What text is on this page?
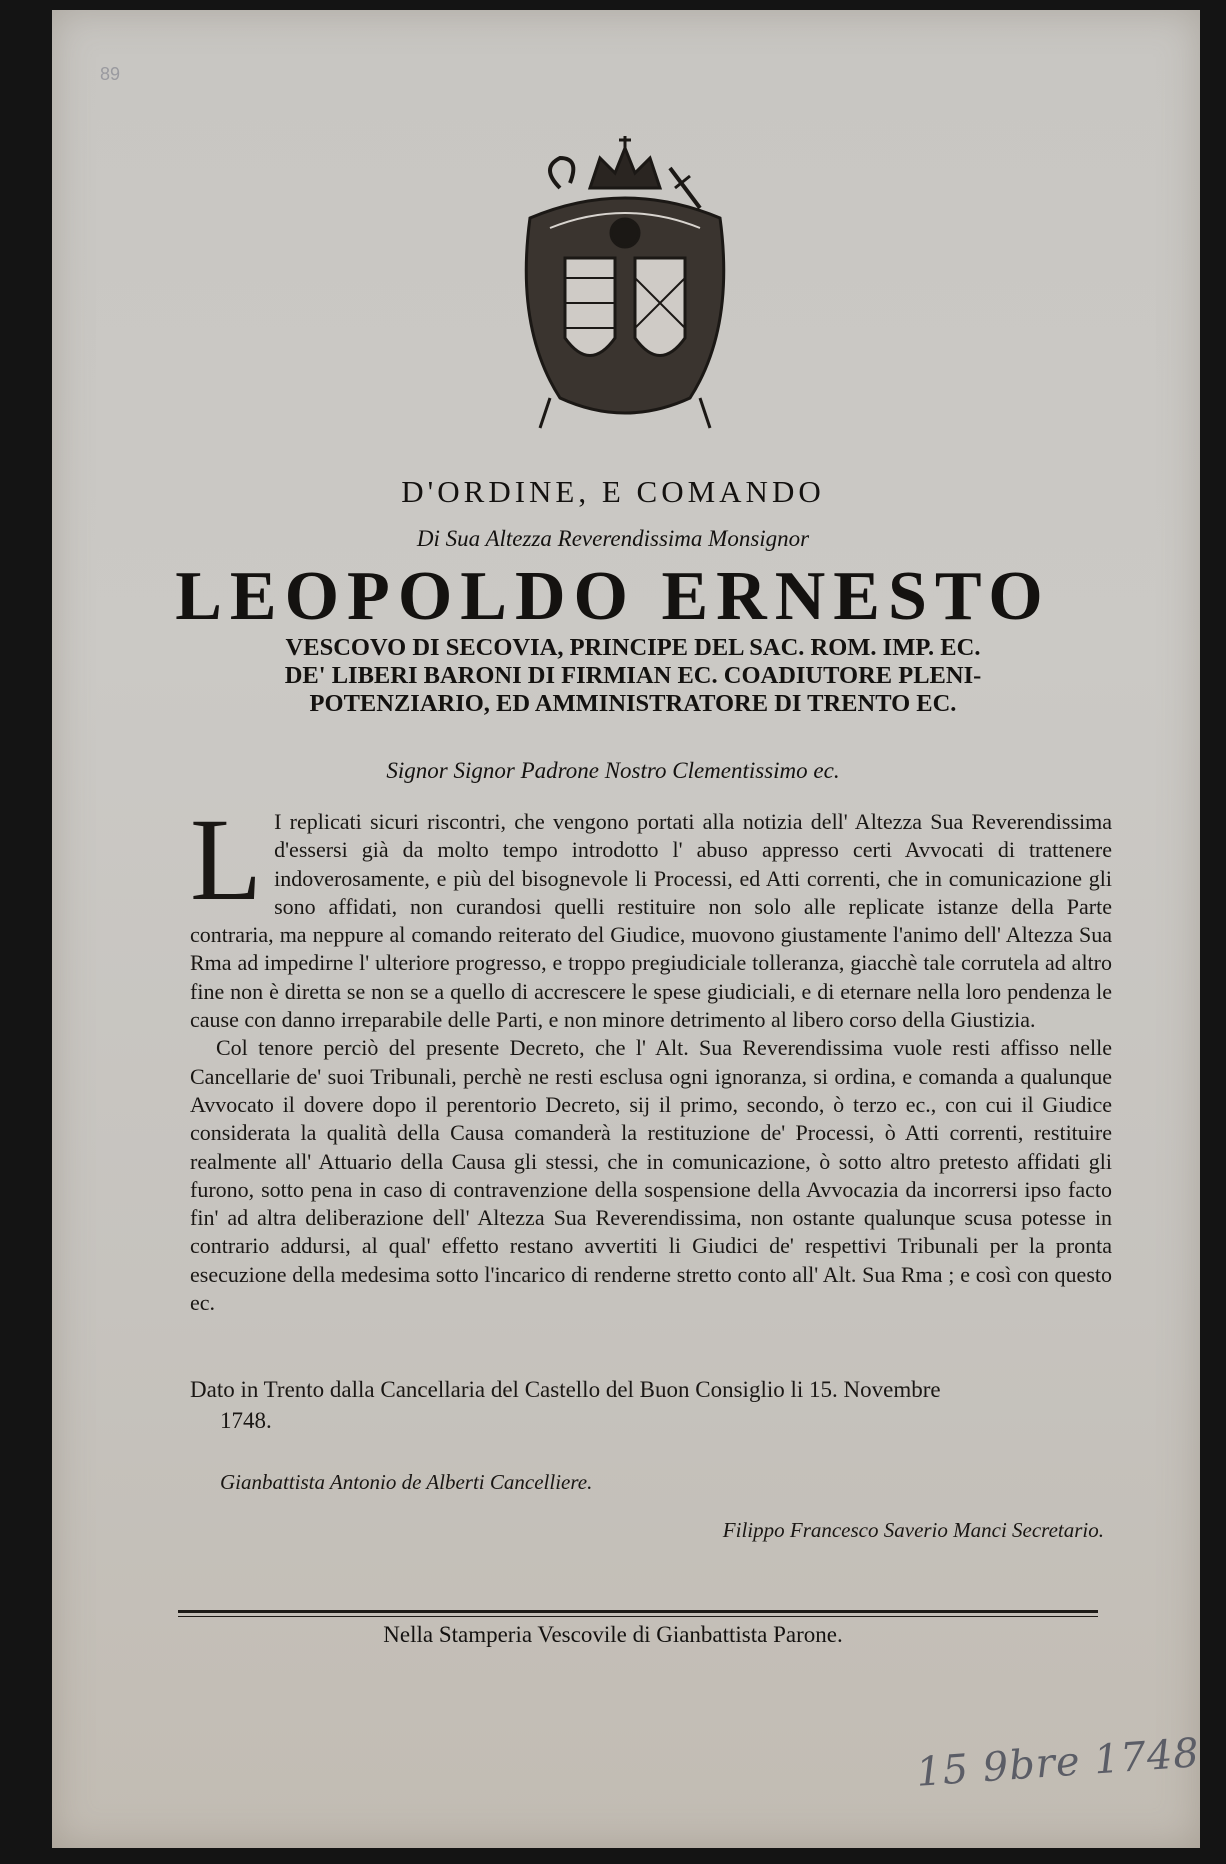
89
D'ORDINE, E COMANDO
Di Sua Altezza Reverendissima Monsignor
LEOPOLDO ERNESTO
VESCOVO DI SECOVIA, PRINCIPE DEL SAC. ROM. IMP. EC.
DE' LIBERI BARONI DI FIRMIAN EC. COADIUTORE PLENI-
POTENZIARIO, ED AMMINISTRATORE DI TRENTO EC.
Signor Signor Padrone Nostro Clementissimo ec.
L I replicati sicuri riscontri, che vengono portati alla notizia dell' Altezza Sua Reverendissima d'essersi già da molto tempo introdotto l' abuso appresso certi Avvocati di trattenere indoverosamente, e più del bisognevole li Processi, ed Atti correnti, che in comunicazione gli sono affidati, non curandosi quelli restituire non solo alle replicate istanze della Parte contraria, ma neppure al comando reiterato del Giudice, muovono giustamente l'animo dell' Altezza Sua Rma ad impedirne l' ulteriore progresso, e troppo pregiudiciale tolleranza, giacchè tale corrutela ad altro fine non è diretta se non se a quello di accrescere le spese giudiciali, e di eternare nella loro pendenza le cause con danno irreparabile delle Parti, e non minore detrimento al libero corso della Giustizia.

Col tenore perciò del presente Decreto, che l' Alt. Sua Reverendissima vuole resti affisso nelle Cancellarie de' suoi Tribunali, perchè ne resti esclusa ogni ignoranza, si ordina, e comanda a qualunque Avvocato il dovere dopo il perentorio Decreto, sij il primo, secondo, ò terzo ec., con cui il Giudice considerata la qualità della Causa comanderà la restituzione de' Processi, ò Atti correnti, restituire realmente all' Attuario della Causa gli stessi, che in comunicazione, ò sotto altro pretesto affidati gli furono, sotto pena in caso di contravenzione della sospensione della Avvocazia da incorrersi ipso facto fin' ad altra deliberazione dell' Altezza Sua Reverendissima, non ostante qualunque scusa potesse in contrario addursi, al qual' effetto restano avvertiti li Giudici de' respettivi Tribunali per la pronta esecuzione della medesima sotto l'incarico di renderne stretto conto all' Alt. Sua Rma ; e così con questo ec.

Dato in Trento dalla Cancellaria del Castello del Buon Consiglio li 15. Novembre
1748.
Gianbattista Antonio de Alberti Cancelliere.
Filippo Francesco Saverio Manci Secretario.
Nella Stamperia Vescovile di Gianbattista Parone.
15 9bre 1748
